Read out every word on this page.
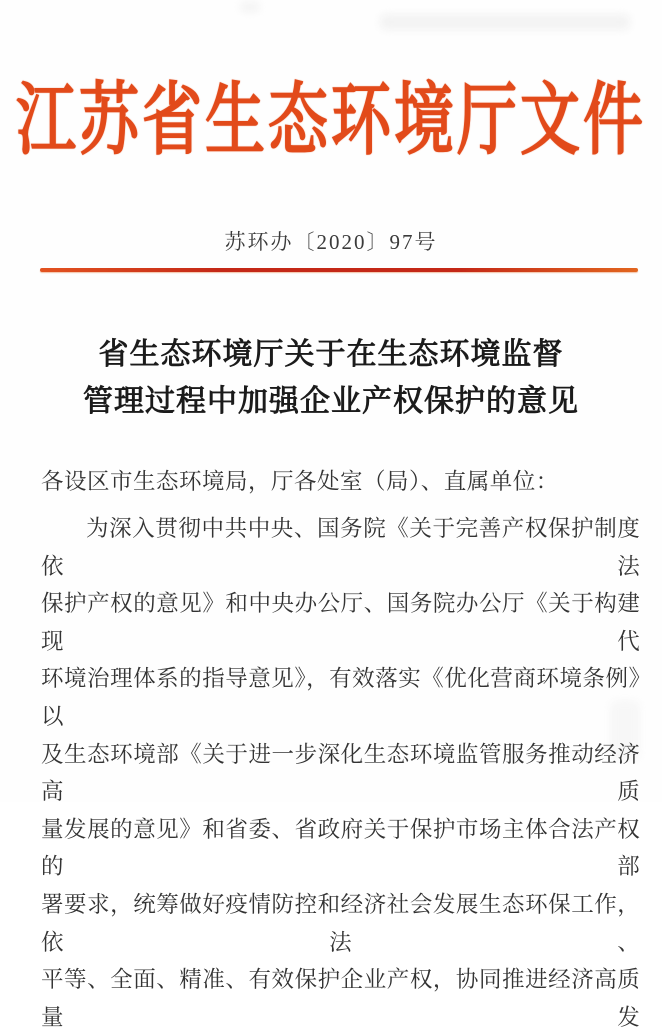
江苏省生态环境厅文件
苏环办〔2020〕97号
省生态环境厅关于在生态环境监督
管理过程中加强企业产权保护的意见
各设区市生态环境局，厅各处室（局）、直属单位：
为深入贯彻中共中央、国务院《关于完善产权保护制度依法
保护产权的意见》和中央办公厅、国务院办公厅《关于构建现代
环境治理体系的指导意见》，有效落实《优化营商环境条例》以
及生态环境部《关于进一步深化生态环境监管服务推动经济高质
量发展的意见》和省委、省政府关于保护市场主体合法产权的部
署要求，统筹做好疫情防控和经济社会发展生态环保工作，依法、
平等、全面、精准、有效保护企业产权，协同推进经济高质量发
